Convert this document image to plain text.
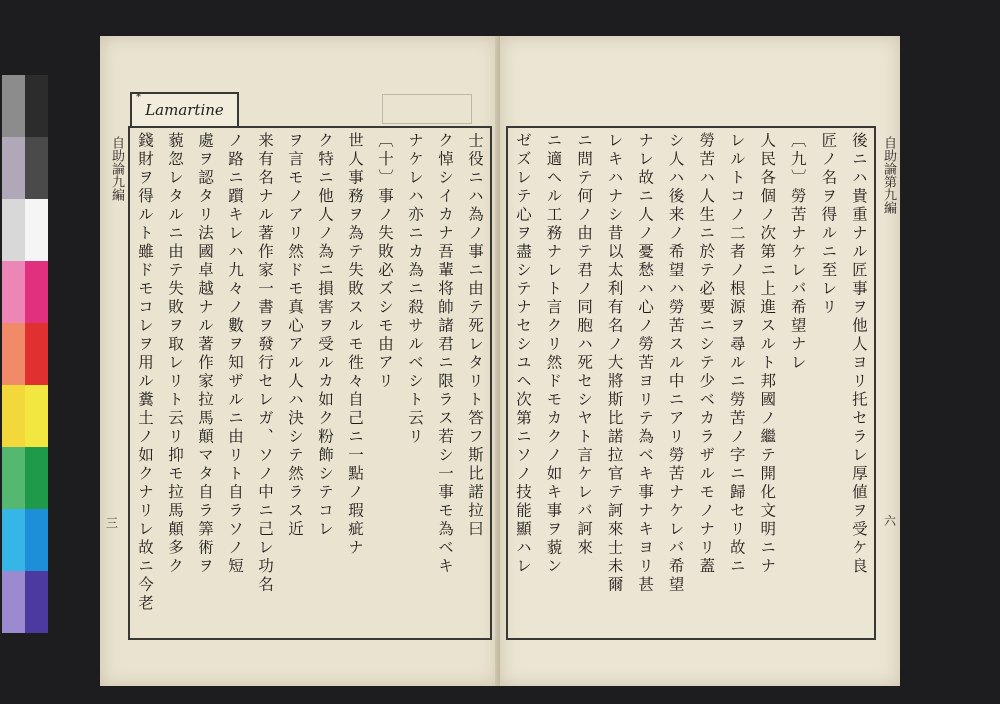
*
Lamartine
自助論九編
三	士役ニハ為ノ事ニ由テ死レタリト答フ斯比諾拉曰
ク悼シイカナ吾輩将帥諸君ニ限ラス若シ一事モ為ベキ
ナケレハ亦ニカ為ニ殺サルベシト云リ
〔十〕事ノ失敗必ズシモ由アリ
世人事務ヲ為テ失敗スルモ徃々自己ニ一點ノ瑕疵ナ
ク特ニ他人ノ為ニ損害ヲ受ルカ如ク粉飾シテコレ
ヲ言モノアリ然ドモ真心アル人ハ決シテ然ラス近
来有名ナル著作家一書ヲ發行セレガ、ソノ中ニ己レ功名
ノ路ニ躓キレハ九々ノ數ヲ知ザルニ由リト自ラソノ短
處ヲ認タリ法國卓越ナル著作家拉馬顛マタ自ラ筭術ヲ
藐忽レタルニ由テ失敗ヲ取レリト云リ抑モ拉馬顛多ク
錢財ヲ得ルト雖ドモコレヲ用ル糞土ノ如クナリレ故ニ今老	自助論第九編
六
後ニハ貴重ナル匠事ヲ他人ヨリ托セラレ厚値ヲ受ケ良
匠ノ名ヲ得ルニ至レリ
〔九〕勞苦ナケレバ希望ナレ
人民各個ノ次第ニ上進スルト邦國ノ繼テ開化文明ニナ
レルトコノ二者ノ根源ヲ尋ルニ勞苦ノ字ニ歸セリ故ニ
勞苦ハ人生ニ於テ必要ニシテ少ベカラザルモノナリ蓋
シ人ハ後来ノ希望ハ勞苦スル中ニアリ勞苦ナケレバ希望
ナレ故ニ人ノ憂愁ハ心ノ勞苦ヨリテ為ベキ事ナキヨリ甚
レキハナシ昔以太利有名ノ大將斯比諾拉官テ訶來士未爾
ニ問テ何ノ由テ君ノ同胞ハ死セシヤト言ケレバ訶來
ニ適ヘル工務ナレト言クリ然ドモカクノ如キ事ヲ藐ン
ゼズレテ心ヲ盡シテナセシユヘ次第ニソノ技能顯ハレ
